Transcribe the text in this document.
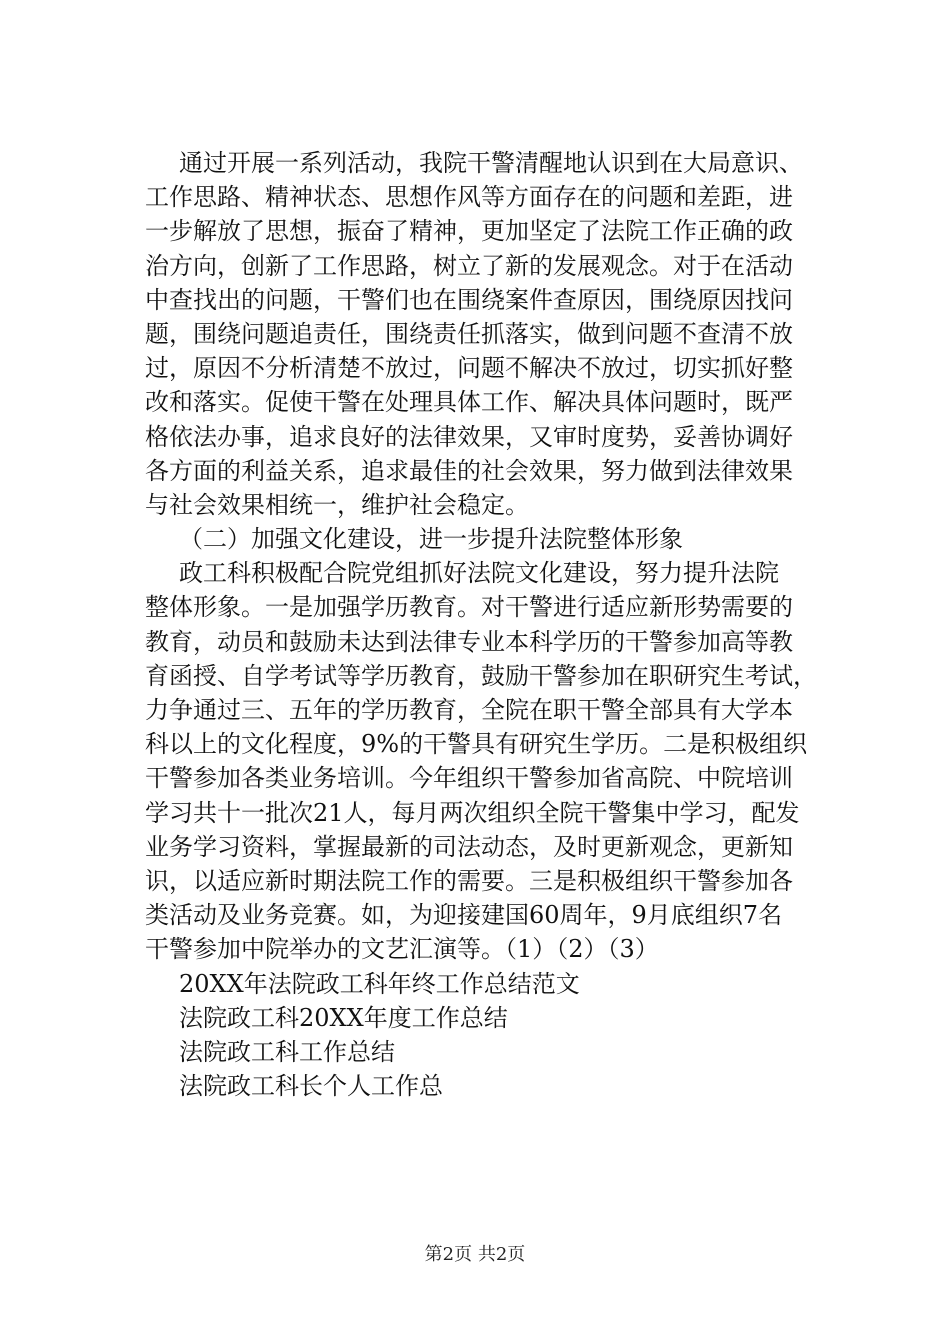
通过开展一系列活动，我院干警清醒地认识到在大局意识、
工作思路、精神状态、思想作风等方面存在的问题和差距，进
一步解放了思想，振奋了精神，更加坚定了法院工作正确的政
治方向，创新了工作思路，树立了新的发展观念。对于在活动
中查找出的问题，干警们也在围绕案件查原因，围绕原因找问
题，围绕问题追责任，围绕责任抓落实，做到问题不查清不放
过，原因不分析清楚不放过，问题不解决不放过，切实抓好整
改和落实。促使干警在处理具体工作、解决具体问题时，既严
格依法办事，追求良好的法律效果，又审时度势，妥善协调好
各方面的利益关系，追求最佳的社会效果，努力做到法律效果
与社会效果相统一，维护社会稳定。
（二）加强文化建设，进一步提升法院整体形象
政工科积极配合院党组抓好法院文化建设，努力提升法院
整体形象。一是加强学历教育。对干警进行适应新形势需要的
教育，动员和鼓励未达到法律专业本科学历的干警参加高等教
育函授、自学考试等学历教育，鼓励干警参加在职研究生考试，
力争通过三、五年的学历教育，全院在职干警全部具有大学本
科以上的文化程度，9%的干警具有研究生学历。二是积极组织
干警参加各类业务培训。今年组织干警参加省高院、中院培训
学习共十一批次21人，每月两次组织全院干警集中学习，配发
业务学习资料，掌握最新的司法动态，及时更新观念，更新知
识，以适应新时期法院工作的需要。三是积极组织干警参加各
类活动及业务竞赛。如，为迎接建国60周年，9月底组织7名
干警参加中院举办的文艺汇演等。（1）（2）（3）
20XX年法院政工科年终工作总结范文
法院政工科20XX年度工作总结
法院政工科工作总结
法院政工科长个人工作总
第2页 共2页
